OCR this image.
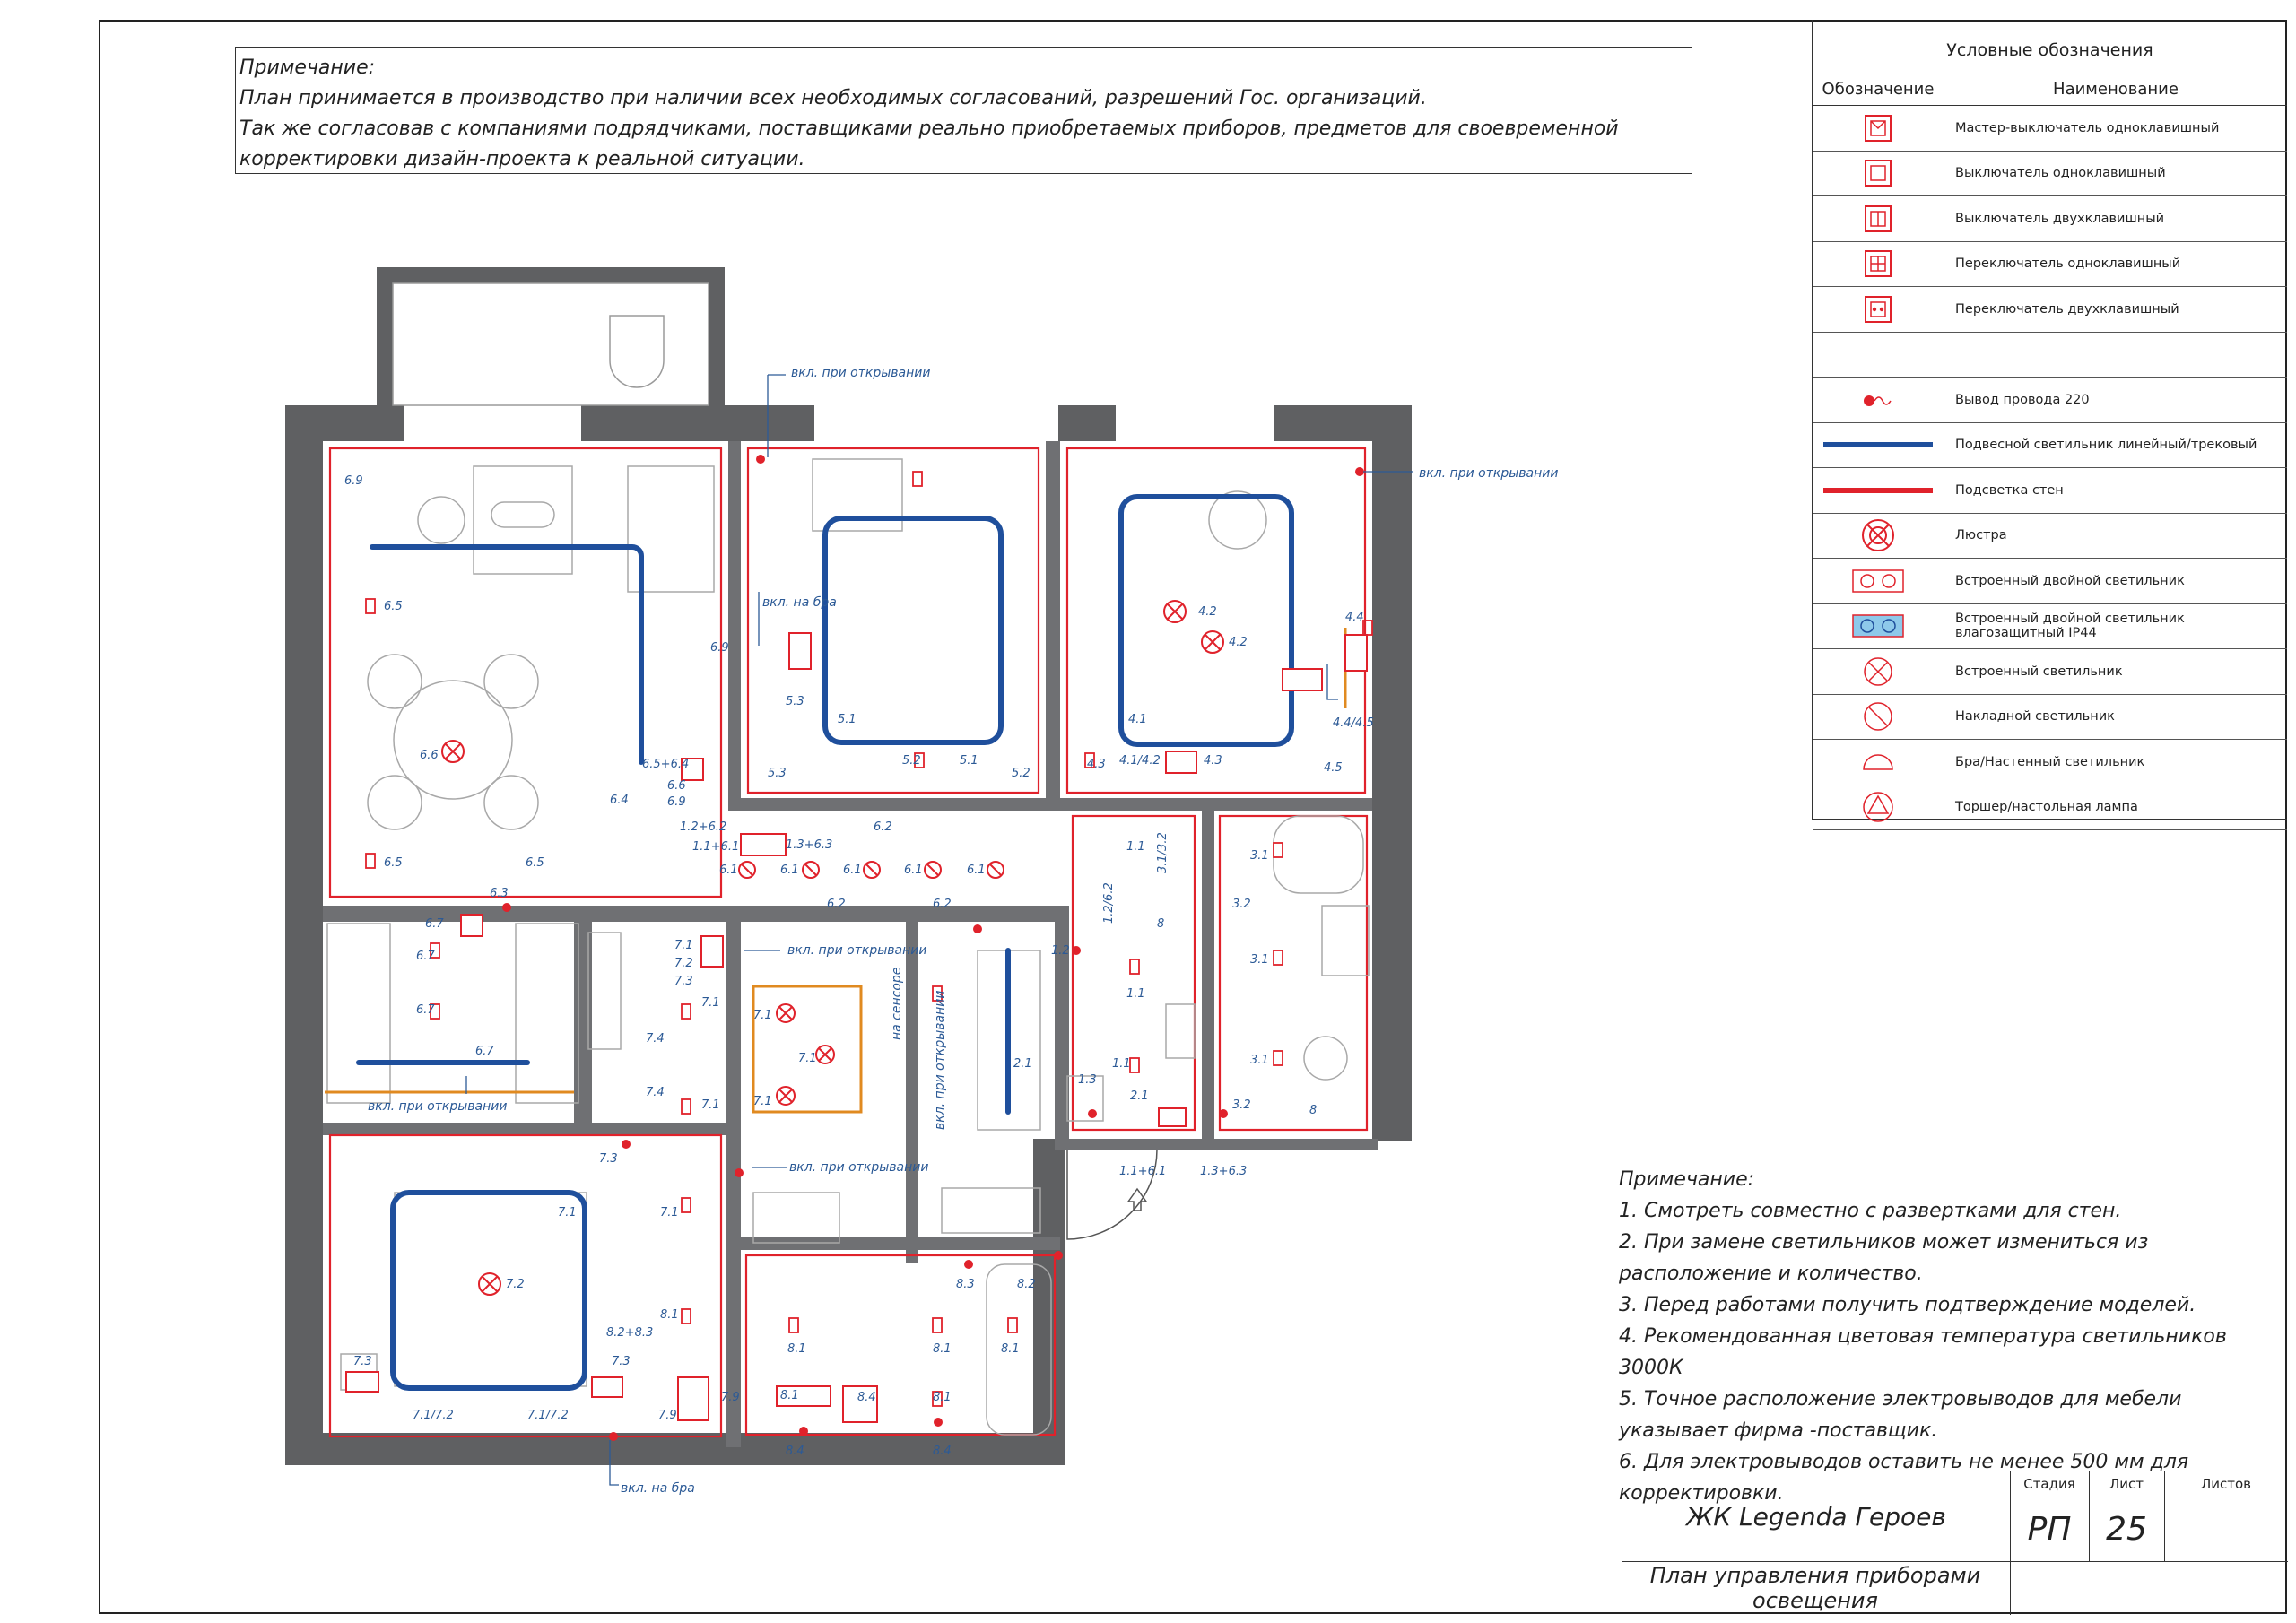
Примечание:
План принимается в производство при наличии всех необходимых согласований, разрешений Гос. организаций.
Так же согласовав с компаниями подрядчиками, поставщиками реально приобретаемых приборов, предметов для своевременной корректировки дизайн-проекта к реальной ситуации.
вкл. при открывании
вкл. при открывании
вкл. на бра
вкл. при открывании
вкл. при открывании
вкл. при открывании
вкл. на бра
вкл. при открывании
на сенсоре
6.9
6.5
6.9
6.6
6.4
6.5+6.4
6.6
6.9
6.5	6.5
6.3
1.2+6.2
1.1+6.1	1.3+6.3
6.2
6.1	6.1	6.1	6.1	6.1
6.2	6.2
6.7
6.7
6.7
6.7
5.3
5.3
5.1
5.2	5.1
5.2
4.2
4.2
4.1
4.1/4.2
4.3	4.3
4.4
4.4/4.5
4.5
1.1 3.1/3.2
1.2/6.2
8
1.2
1.1
1.1
1.3
2.1
2.1
1.1+6.1	1.3+6.3
3.1
3.2
3.1
3.1
3.2	8
7.1
7.2
7.3
7.1
7.4
7.4
7.1
7.1
7.1
7.1
7.3
7.1
7.2
7.1
8.2+8.3
7.3
7.3
7.1/7.2	7.1/7.2	7.9
7.9
8.1
8.1	8.1
8.3	8.2
8.1
8.4	8.1
8.4	8.4
8.1
Условные обозначения
Обозначение	Наименование
Мастер-выключатель одноклавишный
Выключатель одноклавишный
Выключатель двухклавишный
Переключатель одноклавишный
Переключатель двухклавишный
Вывод провода 220
Подвесной светильник линейный/трековый
Подсветка стен
Люстра
Встроенный двойной светильник
Встроенный двойной светильник влагозащитный IP44
Встроенный светильник
Накладной светильник
Бра/Настенный светильник
Торшер/настольная лампа
Примечание:
1. Смотреть совместно с развертками для стен.
2. При замене светильников может измениться из расположение и количество.
3. Перед работами получить подтверждение моделей.
4. Рекомендованная цветовая температура светильников 3000К
5. Точное расположение электровыводов для мебели указывает фирма -поставщик.
6. Для электровыводов оставить не менее 500 мм для корректировки.
ЖК Legenda Героев
Стадия	Лист	Листов
РП	25
План управления приборами освещения
